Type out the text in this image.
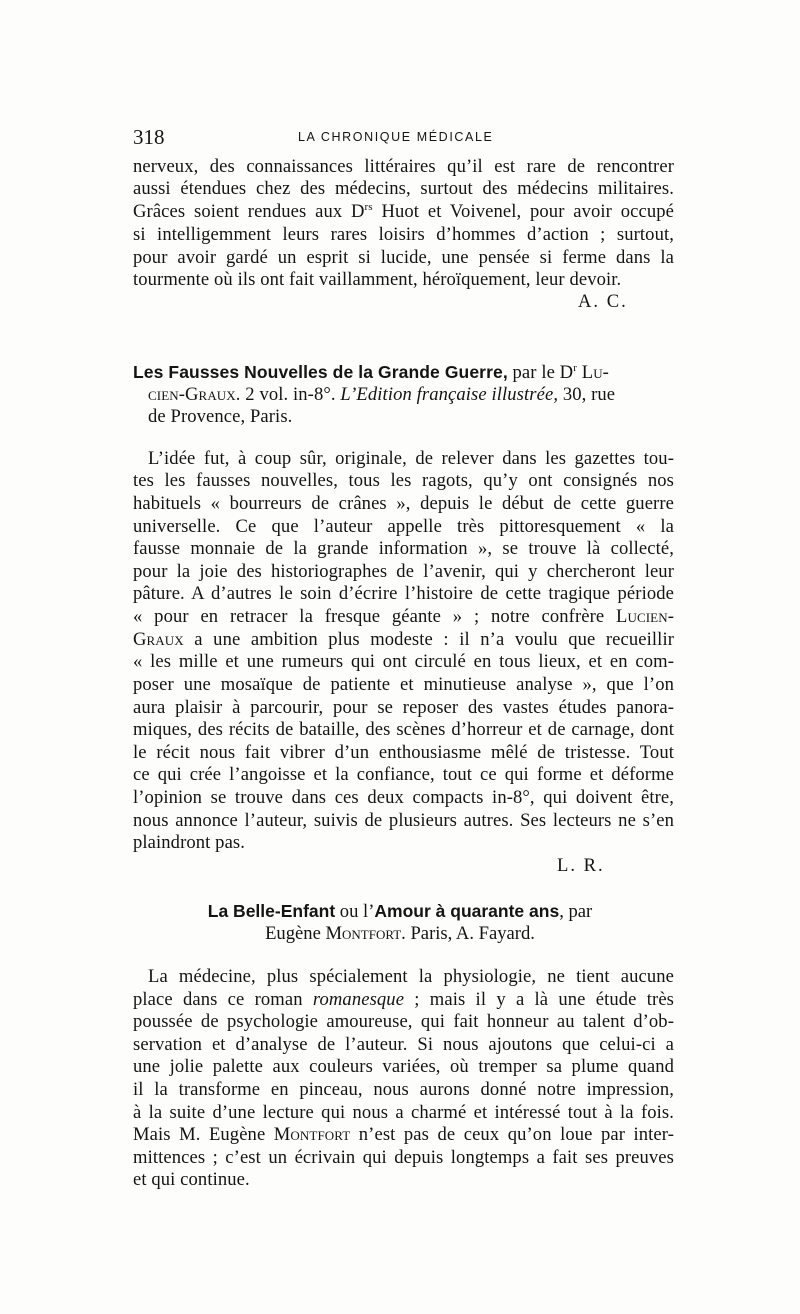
318	LA CHRONIQUE MÉDICALE
nerveux, des connaissances littéraires qu’il est rare de rencontrer
aussi étendues chez des médecins, surtout des médecins militaires.
Grâces soient rendues aux $D^{rs}$ Huot et Voivenel, pour avoir occupé
si intelligemment leurs rares loisirs d’hommes d’action ; surtout,
pour avoir gardé un esprit si lucide, une pensée si ferme dans la
tourmente où ils ont fait vaillamment, héroïquement, leur devoir.
A. C.
Les Fausses Nouvelles de la Grande Guerre, par le $D^r$ Lu-
cien-Graux. 2 vol. in-8°. L’Edition française illustrée, 30, rue
de Provence, Paris.
L’idée fut, à coup sûr, originale, de relever dans les gazettes tou-
tes les fausses nouvelles, tous les ragots, qu’y ont consignés nos
habituels « bourreurs de crânes », depuis le début de cette guerre
universelle. Ce que l’auteur appelle très pittoresquement « la
fausse monnaie de la grande information », se trouve là collecté,
pour la joie des historiographes de l’avenir, qui y chercheront leur
pâture. A d’autres le soin d’écrire l’histoire de cette tragique période
« pour en retracer la fresque géante » ; notre confrère Lucien-
Graux a une ambition plus modeste : il n’a voulu que recueillir
« les mille et une rumeurs qui ont circulé en tous lieux, et en com-
poser une mosaïque de patiente et minutieuse analyse », que l’on
aura plaisir à parcourir, pour se reposer des vastes études panora-
miques, des récits de bataille, des scènes d’horreur et de carnage, dont
le récit nous fait vibrer d’un enthousiasme mêlé de tristesse. Tout
ce qui crée l’angoisse et la confiance, tout ce qui forme et déforme
l’opinion se trouve dans ces deux compacts in-8°, qui doivent être,
nous annonce l’auteur, suivis de plusieurs autres. Ses lecteurs ne s’en
plaindront pas.
L. R.
La Belle-Enfant ou l’Amour à quarante ans, par
Eugène Montfort. Paris, A. Fayard.
La médecine, plus spécialement la physiologie, ne tient aucune
place dans ce roman romanesque ; mais il y a là une étude très
poussée de psychologie amoureuse, qui fait honneur au talent d’ob-
servation et d’analyse de l’auteur. Si nous ajoutons que celui-ci a
une jolie palette aux couleurs variées, où tremper sa plume quand
il la transforme en pinceau, nous aurons donné notre impression,
à la suite d’une lecture qui nous a charmé et intéressé tout à la fois.
Mais M. Eugène Montfort n’est pas de ceux qu’on loue par inter-
mittences ; c’est un écrivain qui depuis longtemps a fait ses preuves
et qui continue.
